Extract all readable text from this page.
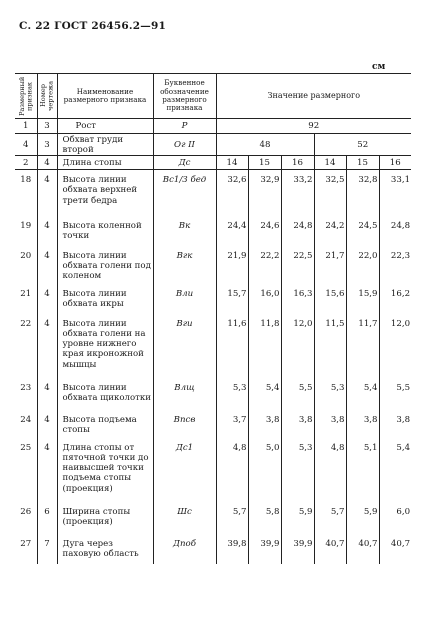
С. 22 ГОСТ 26456.2—91
см
Размерный признак	Номер чертежа	Наименование размерного признака	Буквенное обозначение размерного признака	Значение размерного					
1	3	Рост	P	92					
4	3	Обхват груди второй	Ог II	48			52		
2	4	Длина стопы	Дс	14	15	16	14	15	16
18	4	Высота линии обхвата верхней трети бедра	Вс1/3 бед	32,6	32,9	33,2	32,5	32,8	33,1
19	4	Высота коленной точки	Вк	24,4	24,6	24,8	24,2	24,5	24,8
20	4	Высота линии обхвата голени под коленом	Вгк	21,9	22,2	22,5	21,7	22,0	22,3
21	4	Высота линии обхвата икры	Вли	15,7	16,0	16,3	15,6	15,9	16,2
22	4	Высота линии обхвата голени на уровне нижнего края икроножной мышцы	Вги	11,6	11,8	12,0	11,5	11,7	12,0
23	4	Высота линии обхвата щиколотки	Влщ	5,3	5,4	5,5	5,3	5,4	5,5
24	4	Высота подъема стопы	Впсв	3,7	3,8	3,8	3,8	3,8	3,8
25	4	Длина стопы от пяточной точки до наивысшей точки подъема стопы (проекция)	Дс1	4,8	5,0	5,3	4,8	5,1	5,4
26	6	Ширина стопы (проекция)	Шс	5,7	5,8	5,9	5,7	5,9	6,0
27	7	Дуга через паховую область	Дпоб	39,8	39,9	39,9	40,7	40,7	40,7
